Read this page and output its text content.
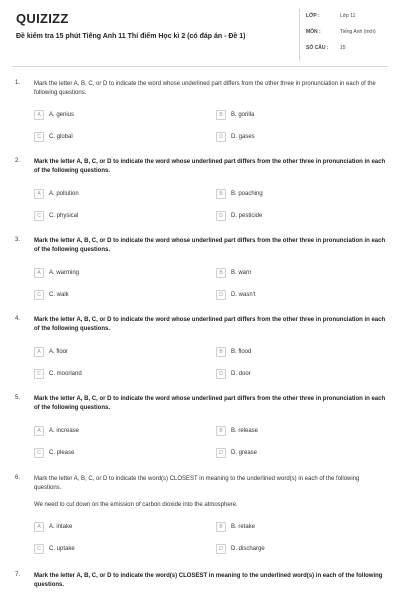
QUIZIZZ
Đề kiểm tra 15 phút Tiếng Anh 11 Thí điểm Học kì 2 (có đáp án - Đề 1)
LỚP :	Lớp 11
MÔN :	Tiếng Anh (mới)
SỐ CÂU :	15
1. Mark the letter A, B, C, or D to indicate the word whose underlined part differs from the other three in pronunciation in each of the following questions.
A	A. genius	B	B. gorilla
C	C. global	D	D. gases
2. Mark the letter A, B, C, or D to indicate the word whose underlined part differs from the other three in pronunciation in each of the following questions.
A	A. pollution	B	B. poaching
C	C. physical	D	D. pesticide
3. Mark the letter A, B, C, or D to indicate the word whose underlined part differs from the other three in pronunciation in each of the following questions.
A	A. warming	B	B. warn
C	C. walk	D	D. wasn't
4. Mark the letter A, B, C, or D to indicate the word whose underlined part differs from the other three in pronunciation in each of the following questions.
A	A. floor	B	B. flood
C	C. moorland	D	D. door
5. Mark the letter A, B, C, or D to indicate the word whose underlined part differs from the other three in pronunciation in each of the following questions.
A	A. increase	B	B. release
C	C. please	D	D. grease
6. Mark the letter A, B, C, or D to indicate the word(s) CLOSEST in meaning to the underlined word(s) in each of the following questions.
We need to cut down on the emission of carbon dioxide into the atmosphere.
A	A. intake	B	B. retake
C	C. uptake	D	D. discharge
7. Mark the letter A, B, C, or D to indicate the word(s) CLOSEST in meaning to the underlined word(s) in each of the following questions.
